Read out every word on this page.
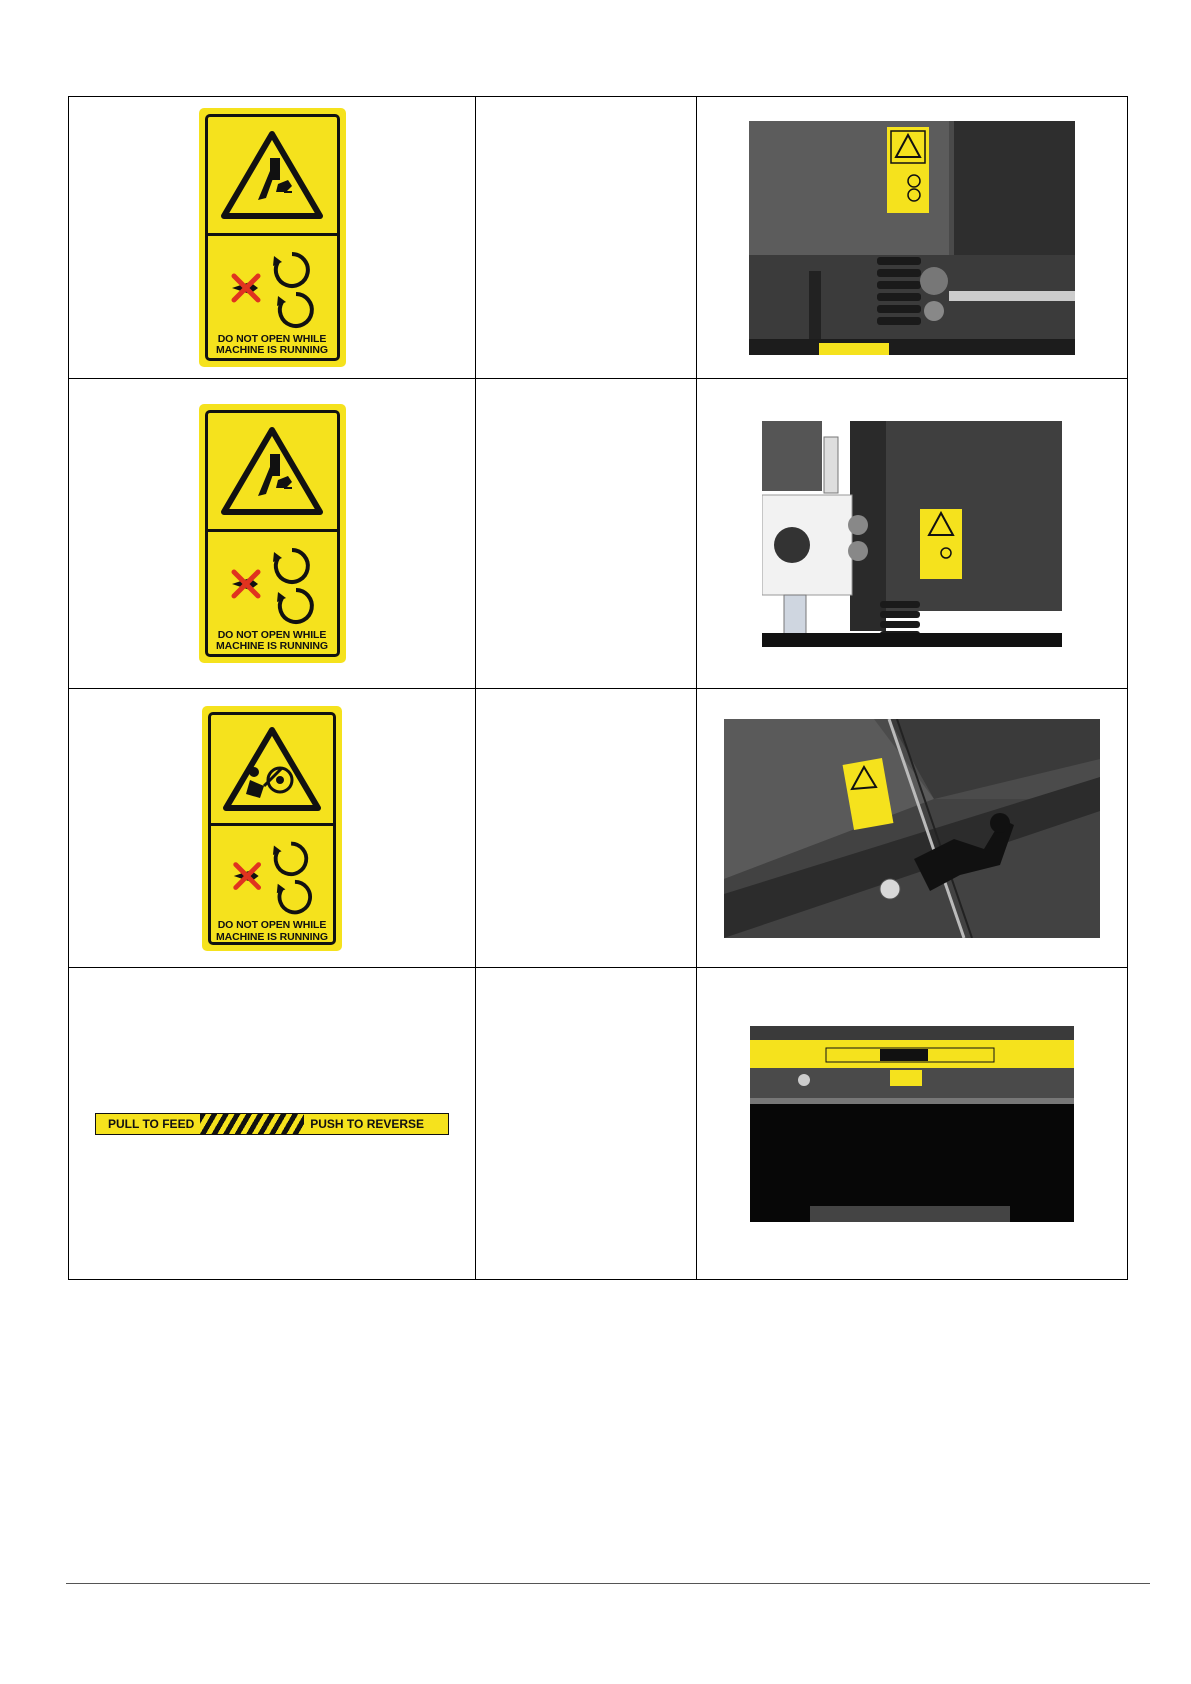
DO NOT OPEN WHILE
MACHINE IS RUNNING

DO NOT OPEN WHILE
MACHINE IS RUNNING

DO NOT OPEN WHILE
MACHINE IS RUNNING

PULL TO FEED PUSH TO REVERSE
